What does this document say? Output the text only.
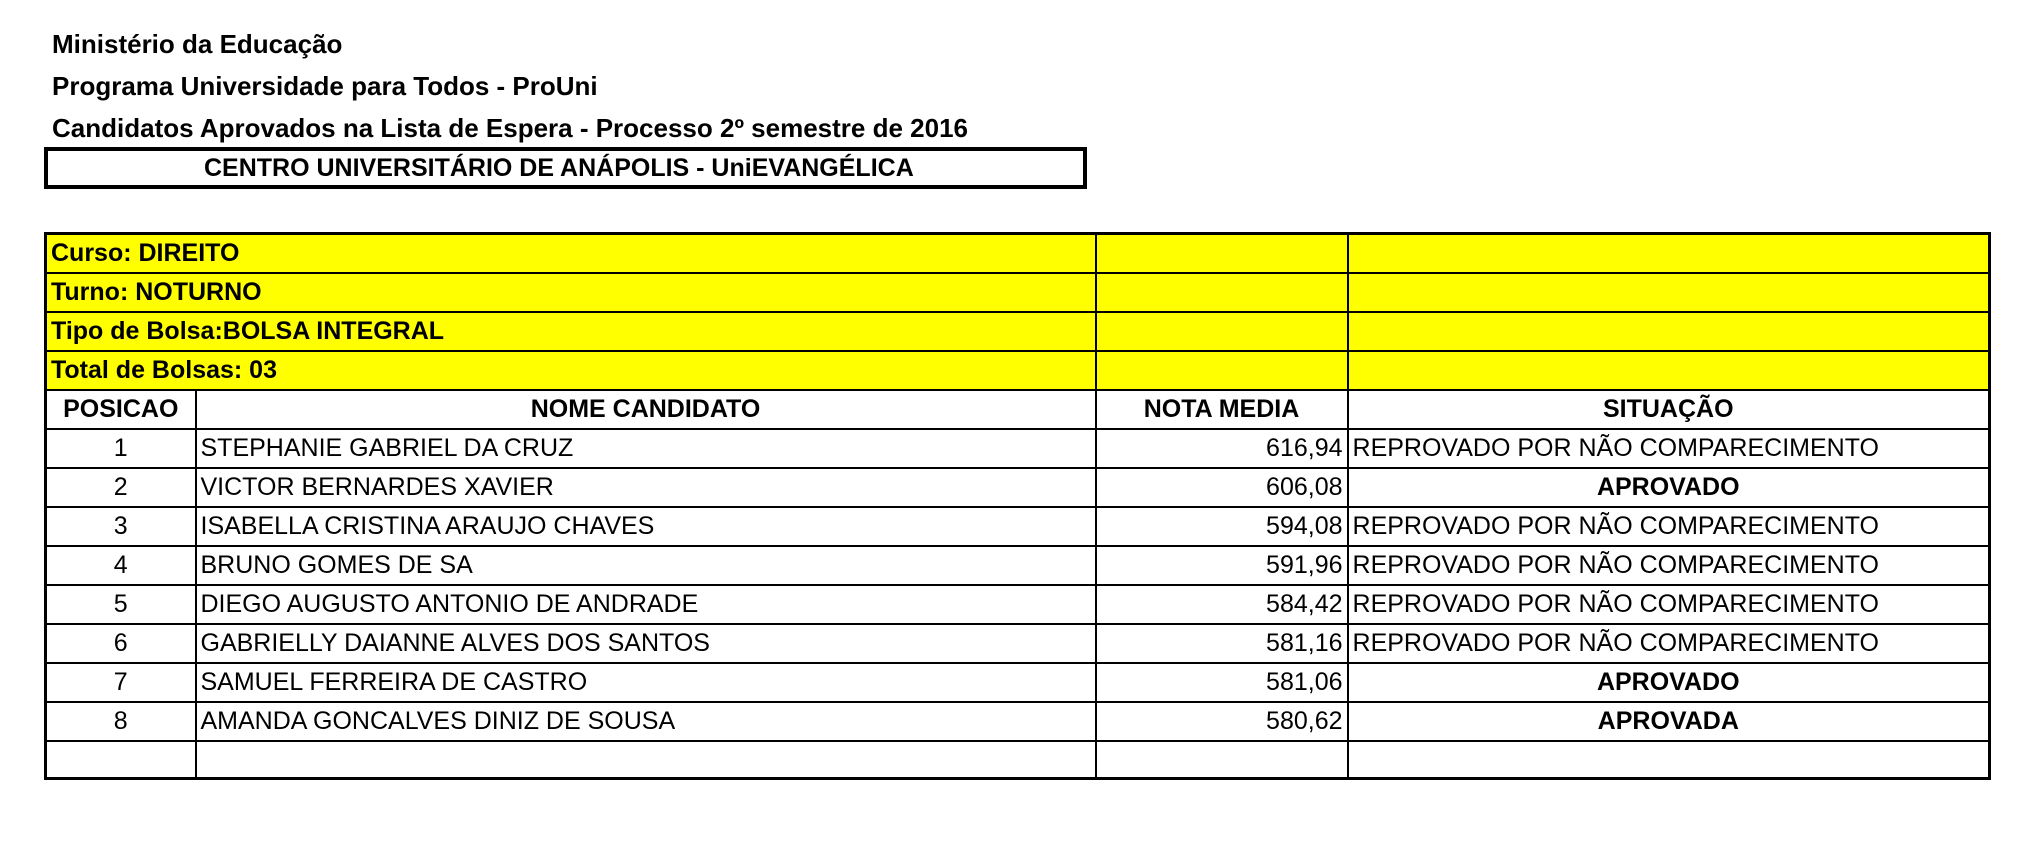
Ministério da Educação
Programa Universidade para Todos - ProUni
Candidatos Aprovados na Lista de Espera - Processo 2º semestre de 2016
CENTRO UNIVERSITÁRIO DE ANÁPOLIS - UniEVANGÉLICA
Curso: DIREITO			
Turno: NOTURNO			
Tipo de Bolsa:BOLSA INTEGRAL			
Total de Bolsas: 03			
POSICAO	NOME CANDIDATO	NOTA MEDIA	SITUAÇÃO
1	STEPHANIE GABRIEL DA CRUZ	616,94	REPROVADO POR NÃO COMPARECIMENTO
2	VICTOR BERNARDES XAVIER	606,08	APROVADO
3	ISABELLA CRISTINA ARAUJO CHAVES	594,08	REPROVADO POR NÃO COMPARECIMENTO
4	BRUNO GOMES DE SA	591,96	REPROVADO POR NÃO COMPARECIMENTO
5	DIEGO AUGUSTO ANTONIO DE ANDRADE	584,42	REPROVADO POR NÃO COMPARECIMENTO
6	GABRIELLY DAIANNE ALVES DOS SANTOS	581,16	REPROVADO POR NÃO COMPARECIMENTO
7	SAMUEL FERREIRA DE CASTRO	581,06	APROVADO
8	AMANDA GONCALVES DINIZ DE SOUSA	580,62	APROVADA
